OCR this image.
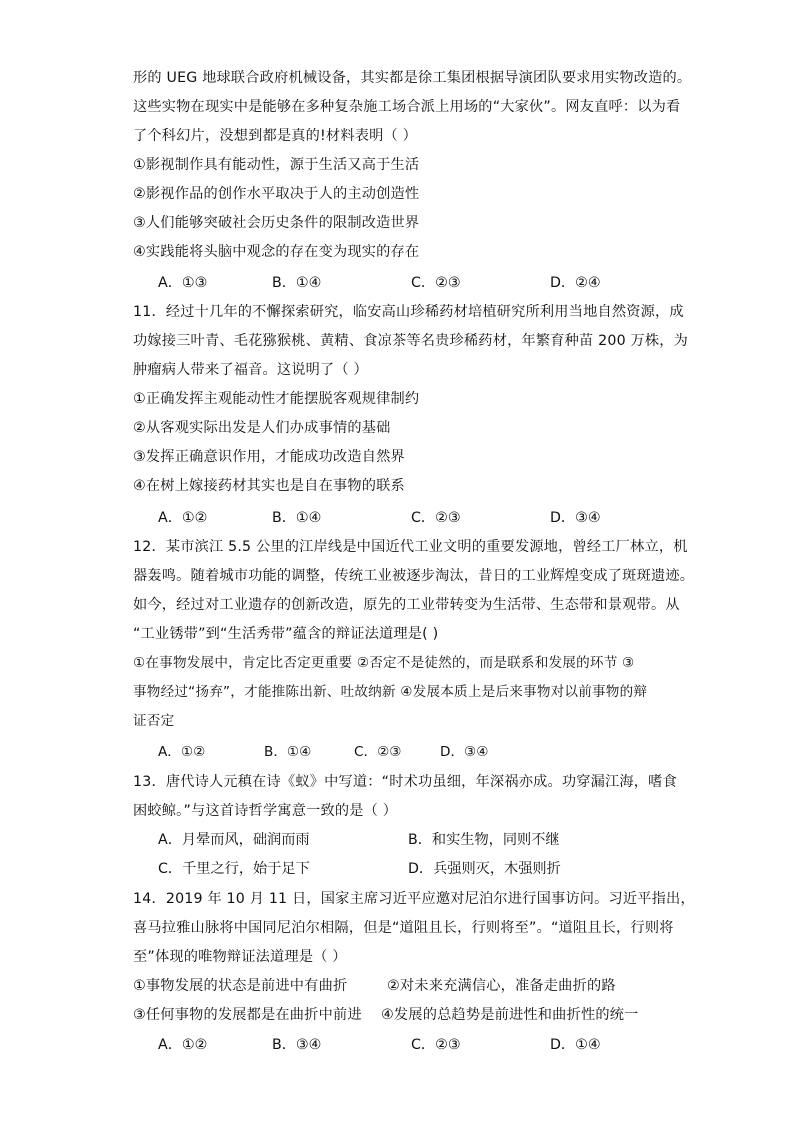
形的 UEG 地球联合政府机械设备，其实都是徐工集团根据导演团队要求用实物改造的。
这些实物在现实中是能够在多种复杂施工场合派上用场的“大家伙”。网友直呼：以为看
了个科幻片，没想到都是真的!材料表明（ ）
①影视制作具有能动性，源于生活又高于生活
②影视作品的创作水平取决于人的主动创造性
③人们能够突破社会历史条件的限制改造世界
④实践能将头脑中观念的存在变为现实的存在
A．①③	B．①④	C．②③	D．②④
11．经过十几年的不懈探索研究，临安高山珍稀药材培植研究所利用当地自然资源，成
功嫁接三叶青、毛花猕猴桃、黄精、食凉茶等名贵珍稀药材，年繁育种苗 200 万株，为
肿瘤病人带来了福音。这说明了（ ）
①正确发挥主观能动性才能摆脱客观规律制约
②从客观实际出发是人们办成事情的基础
③发挥正确意识作用，才能成功改造自然界
④在树上嫁接药材其实也是自在事物的联系
A．①②	B．①④	C．②③	D．③④
12．某市滨江 5.5 公里的江岸线是中国近代工业文明的重要发源地，曾经工厂林立，机
器轰鸣。随着城市功能的调整，传统工业被逐步淘汰，昔日的工业辉煌变成了斑斑遗迹。
如今，经过对工业遗存的创新改造，原先的工业带转变为生活带、生态带和景观带。从
“工业锈带”到“生活秀带”蕴含的辩证法道理是( )
①在事物发展中，肯定比否定更重要 ②否定不是徒然的，而是联系和发展的环节 ③
事物经过“扬弃”，才能推陈出新、吐故纳新 ④发展本质上是后来事物对以前事物的辩
证否定
A．①②	B．①④	C．②③	D．③④
13．唐代诗人元稹在诗《蚁》中写道：“时术功虽细，年深祸亦成。功穿漏江海，嗜食
困蛟鲸。”与这首诗哲学寓意一致的是（ ）
A．月晕而风，础润而雨	B．和实生物，同则不继
C．千里之行，始于足下	D．兵强则灭，木强则折
14．2019 年 10 月 11 日，国家主席习近平应邀对尼泊尔进行国事访问。习近平指出，
喜马拉雅山脉将中国同尼泊尔相隔，但是“道阻且长，行则将至”。“道阻且长，行则将
至”体现的唯物辩证法道理是（ ）
①事物发展的状态是前进中有曲折	②对未来充满信心，准备走曲折的路
③任何事物的发展都是在曲折中前进 ④发展的总趋势是前进性和曲折性的统一
A．①②	B．③④	C．②③	D．①④
